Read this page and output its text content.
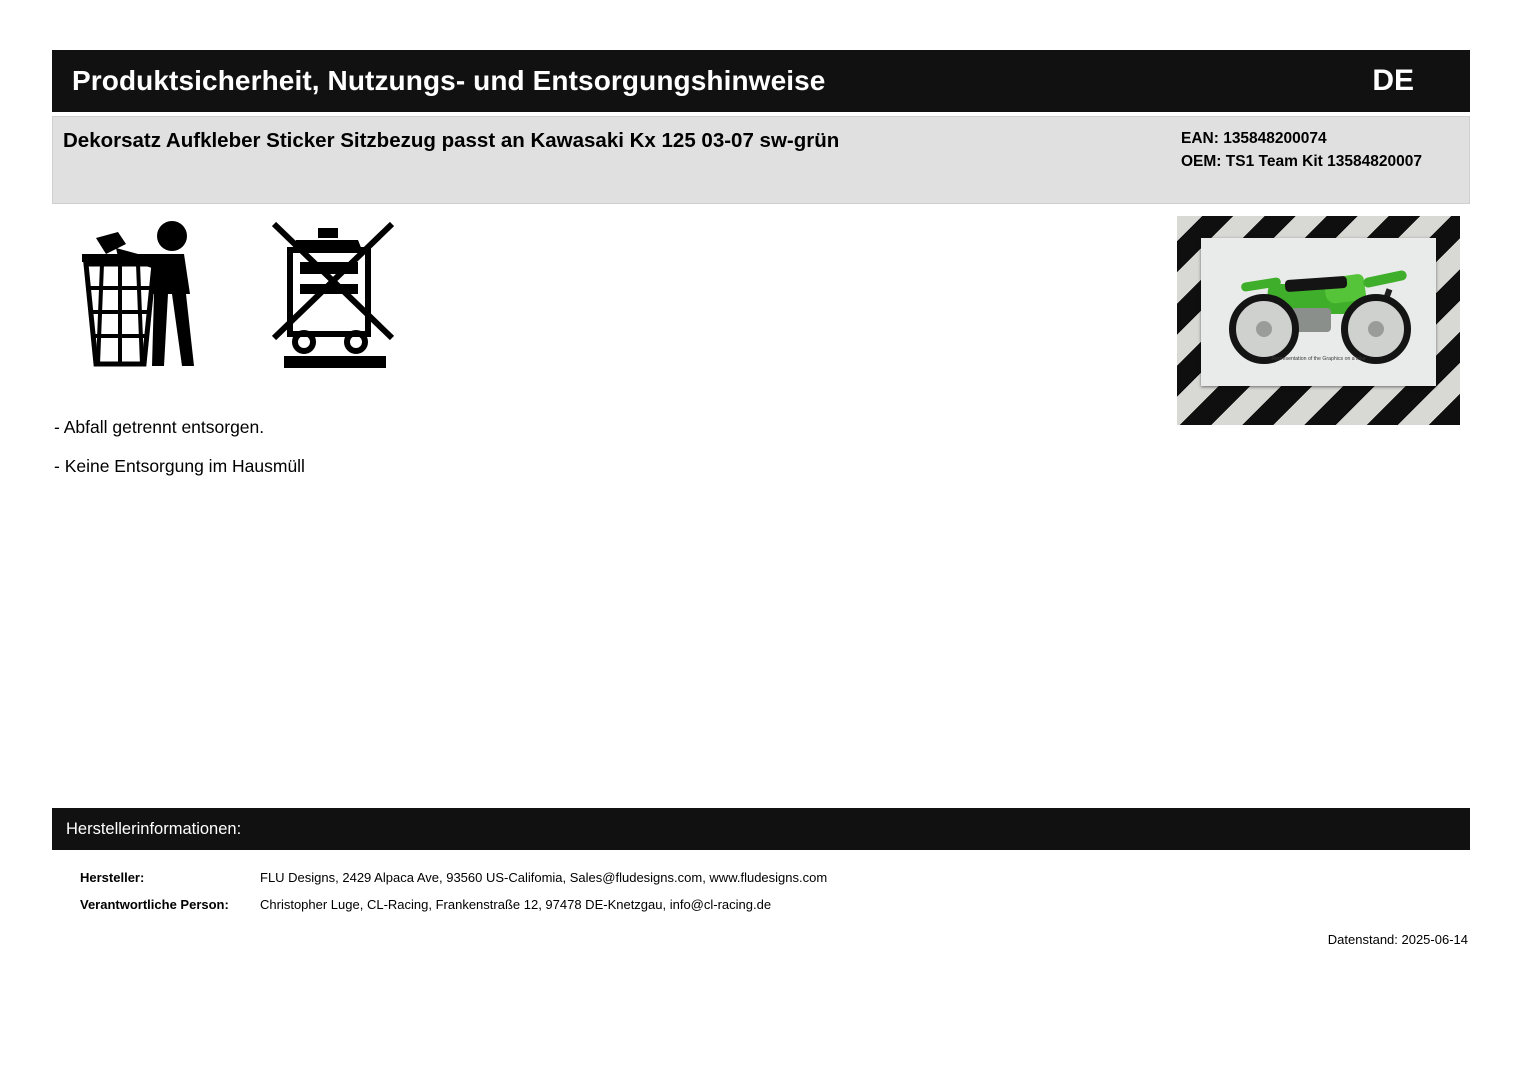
Produktsicherheit, Nutzungs- und Entsorgungshinweise	DE
Dekorsatz Aufkleber Sticker Sitzbezug passt an Kawasaki Kx 125 03-07 sw-grün	EAN: 135848200074
OEM: TS1 Team Kit 13584820007
- Abfall getrennt entsorgen.
- Keine Entsorgung im Hausmüll
Representation of the Graphics on a bike
Herstellerinformationen:
Hersteller:	FLU Designs, 2429 Alpaca Ave, 93560 US-Califomia, Sales@fludesigns.com, www.fludesigns.com
Verantwortliche Person:	Christopher Luge, CL-Racing, Frankenstraße 12, 97478 DE-Knetzgau, info@cl-racing.de
Datenstand: 2025-06-14
